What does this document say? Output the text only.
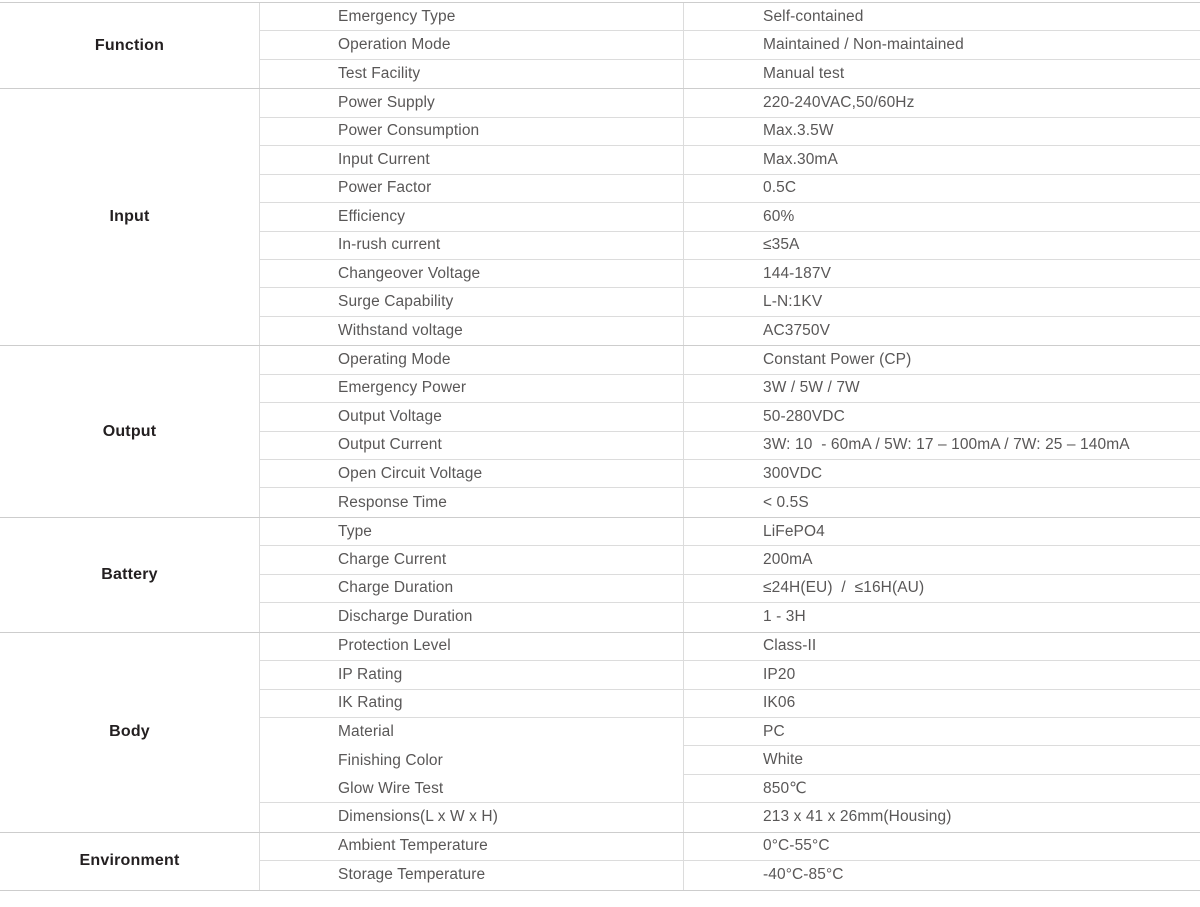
Function
Emergency Type	Self-contained
Operation Mode	Maintained / Non-maintained
Test Facility	Manual test
Input
Power Supply	220-240VAC,50/60Hz
Power Consumption	Max.3.5W
Input Current	Max.30mA
Power Factor	0.5C
Efficiency	60%
In-rush current	≤35A
Changeover Voltage	144-187V
Surge Capability	L-N:1KV
Withstand voltage	AC3750V
Output
Operating Mode	Constant Power (CP)
Emergency Power	3W / 5W / 7W
Output Voltage	50-280VDC
Output Current	3W: 10  - 60mA / 5W: 17 – 100mA / 7W: 25 – 140mA
Open Circuit Voltage	300VDC
Response Time	< 0.5S
Battery
Type	LiFePO4
Charge Current	200mA
Charge Duration	≤24H(EU)  /  ≤16H(AU)
Discharge Duration	1 - 3H
Body
Protection Level	Class-II
IP Rating	IP20
IK Rating	IK06
Material	PC
Finishing Color	White
Glow Wire Test	850℃
Dimensions(L x W x H)	213 x 41 x 26mm(Housing)
Environment
Ambient Temperature	0°C-55°C
Storage Temperature	-40°C-85°C
